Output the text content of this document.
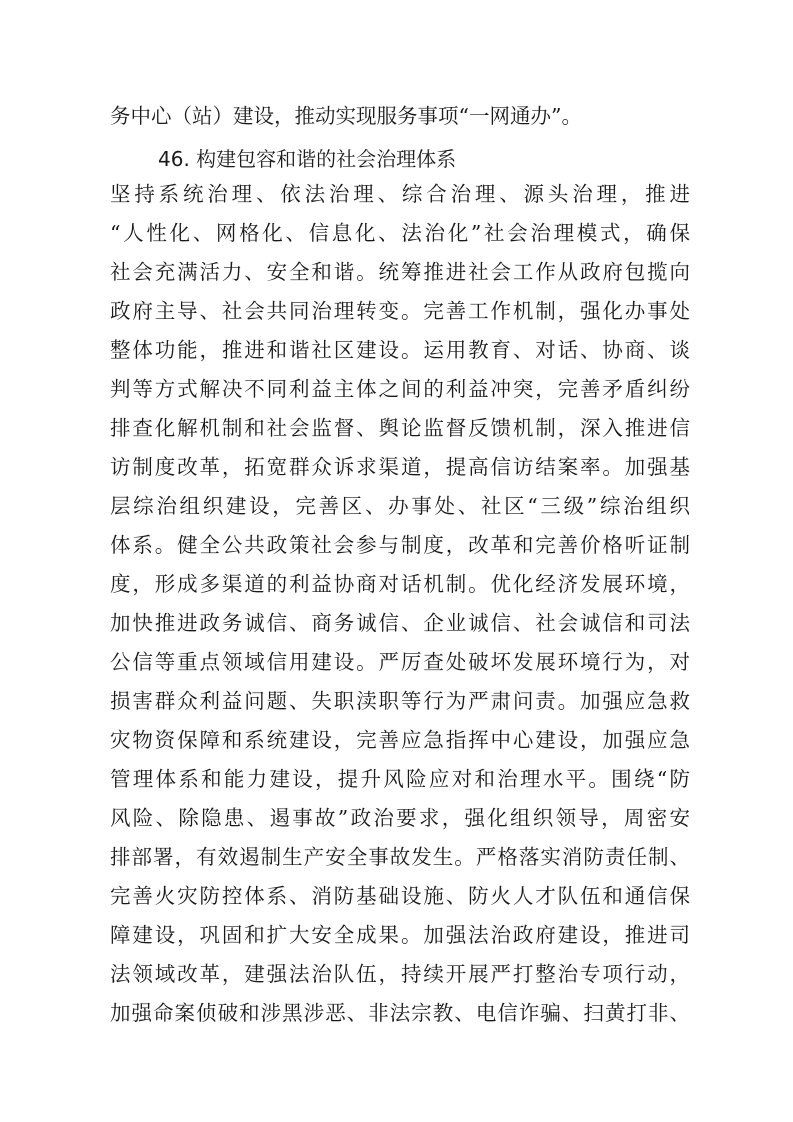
务中心（站）建设，推动实现服务事项“一网通办”。
46. 构建包容和谐的社会治理体系
坚持系统治理、依法治理、综合治理、源头治理，推进
“人性化、网格化、信息化、法治化”社会治理模式，确保
社会充满活力、安全和谐。统筹推进社会工作从政府包揽向
政府主导、社会共同治理转变。完善工作机制，强化办事处
整体功能，推进和谐社区建设。运用教育、对话、协商、谈
判等方式解决不同利益主体之间的利益冲突，完善矛盾纠纷
排查化解机制和社会监督、舆论监督反馈机制，深入推进信
访制度改革，拓宽群众诉求渠道，提高信访结案率。加强基
层综治组织建设，完善区、办事处、社区“三级”综治组织
体系。健全公共政策社会参与制度，改革和完善价格听证制
度，形成多渠道的利益协商对话机制。优化经济发展环境，
加快推进政务诚信、商务诚信、企业诚信、社会诚信和司法
公信等重点领域信用建设。严厉查处破坏发展环境行为，对
损害群众利益问题、失职渎职等行为严肃问责。加强应急救
灾物资保障和系统建设，完善应急指挥中心建设，加强应急
管理体系和能力建设，提升风险应对和治理水平。围绕“防
风险、除隐患、遏事故”政治要求，强化组织领导，周密安
排部署，有效遏制生产安全事故发生。严格落实消防责任制、
完善火灾防控体系、消防基础设施、防火人才队伍和通信保
障建设，巩固和扩大安全成果。加强法治政府建设，推进司
法领域改革，建强法治队伍，持续开展严打整治专项行动，
加强命案侦破和涉黑涉恶、非法宗教、电信诈骗、扫黄打非、
